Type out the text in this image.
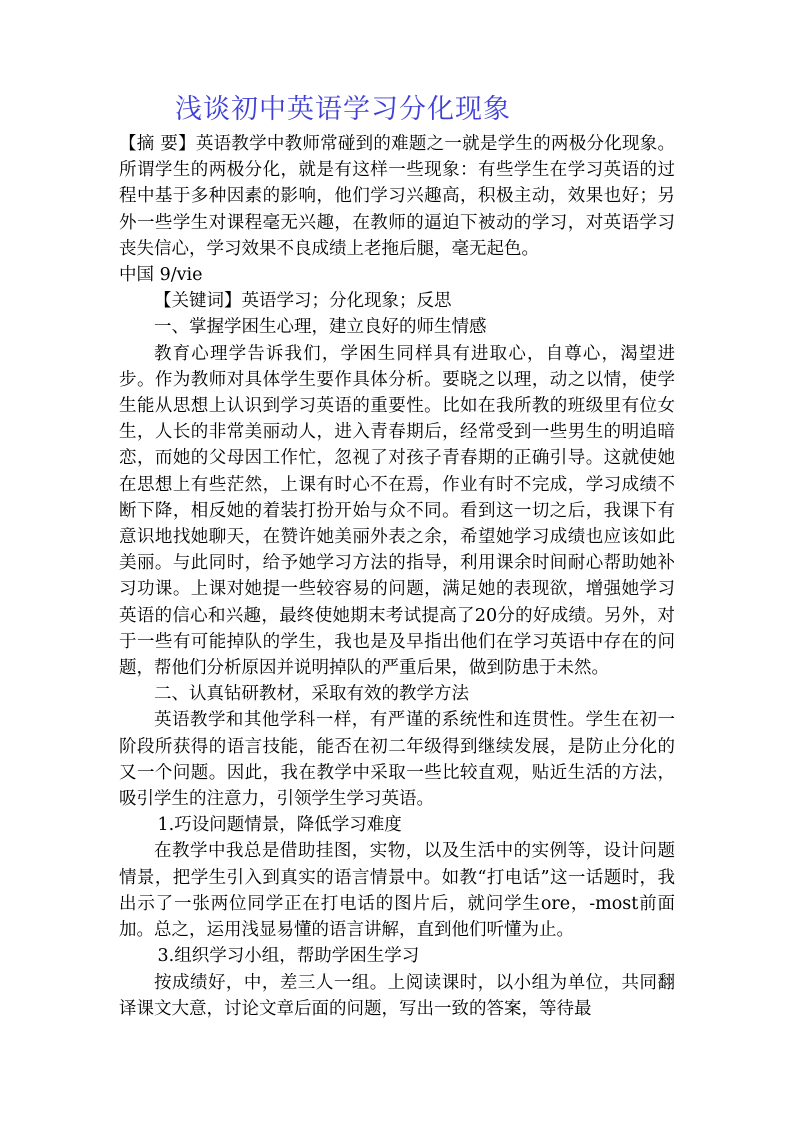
浅谈初中英语学习分化现象

【摘 要】英语教学中教师常碰到的难题之一就是学生的两极分化现象。所谓学生的两极分化，就是有这样一些现象：有些学生在学习英语的过程中基于多种因素的影响，他们学习兴趣高，积极主动，效果也好；另外一些学生对课程毫无兴趣，在教师的逼迫下被动的学习，对英语学习丧失信心，学习效果不良成绩上老拖后腿，毫无起色。

中国 9/vie

【关键词】英语学习；分化现象；反思

一、掌握学困生心理，建立良好的师生情感

教育心理学告诉我们，学困生同样具有进取心，自尊心，渴望进步。作为教师对具体学生要作具体分析。要晓之以理，动之以情，使学生能从思想上认识到学习英语的重要性。比如在我所教的班级里有位女生，人长的非常美丽动人，进入青春期后，经常受到一些男生的明追暗恋，而她的父母因工作忙，忽视了对孩子青春期的正确引导。这就使她在思想上有些茫然，上课有时心不在焉，作业有时不完成，学习成绩不断下降，相反她的着装打扮开始与众不同。看到这一切之后，我课下有意识地找她聊天，在赞许她美丽外表之余，希望她学习成绩也应该如此美丽。与此同时，给予她学习方法的指导，利用课余时间耐心帮助她补习功课。上课对她提一些较容易的问题，满足她的表现欲，增强她学习英语的信心和兴趣，最终使她期末考试提高了20分的好成绩。另外，对于一些有可能掉队的学生，我也是及早指出他们在学习英语中存在的问题，帮他们分析原因并说明掉队的严重后果，做到防患于未然。

二、认真钻研教材，采取有效的教学方法

英语教学和其他学科一样，有严谨的系统性和连贯性。学生在初一阶段所获得的语言技能，能否在初二年级得到继续发展，是防止分化的又一个问题。因此，我在教学中采取一些比较直观，贴近生活的方法，吸引学生的注意力，引领学生学习英语。

1.巧设问题情景，降低学习难度

在教学中我总是借助挂图，实物，以及生活中的实例等，设计问题情景，把学生引入到真实的语言情景中。如教“打电话”这一话题时，我出示了一张两位同学正在打电话的图片后，就问学生ore，-most前面加。总之，运用浅显易懂的语言讲解，直到他们听懂为止。

3.组织学习小组，帮助学困生学习

按成绩好，中，差三人一组。上阅读课时，以小组为单位，共同翻译课文大意，讨论文章后面的问题，写出一致的答案，等待最
